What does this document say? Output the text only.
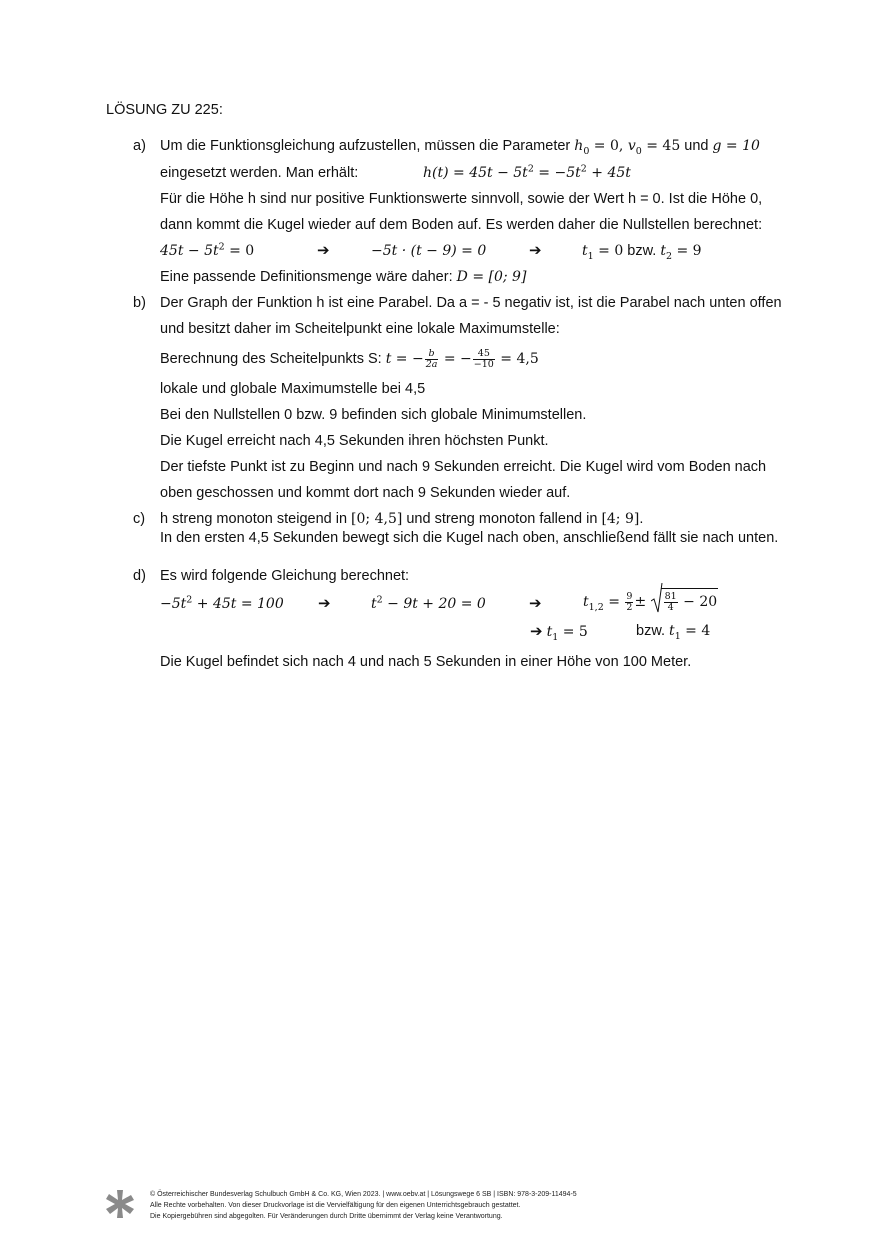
LÖSUNG ZU 225:
a) Um die Funktionsgleichung aufzustellen, müssen die Parameter $h_0 = 0$, $v_0 = 45$ und g = 10
eingesetzt werden. Man erhält:	$h(t) = 45t - 5t^2 = -5t^2 + 45t$
Für die Höhe h sind nur positive Funktionswerte sinnvoll, sowie der Wert h = 0. Ist die Höhe 0,
dann kommt die Kugel wieder auf dem Boden auf. Es werden daher die Nullstellen berechnet:
$45t - 5t^2 = 0$	➔	−5t · (t − 9) = 0	➔	$t_1 = 0$ bzw. $t_2 = 9$
Eine passende Definitionsmenge wäre daher: D = [0; 9]
b) Der Graph der Funktion h ist eine Parabel. Da a = - 5 negativ ist, ist die Parabel nach unten offen
und besitzt daher im Scheitelpunkt eine lokale Maximumstelle:
Berechnung des Scheitelpunkts S: t = − $\frac{b}{2a}$ = − $\frac{45}{-10} = 4,5$
lokale und globale Maximumstelle bei 4,5
Bei den Nullstellen 0 bzw. 9 befinden sich globale Minimumstellen.
Die Kugel erreicht nach 4,5 Sekunden ihren höchsten Punkt.
Der tiefste Punkt ist zu Beginn und nach 9 Sekunden erreicht. Die Kugel wird vom Boden nach
oben geschossen und kommt dort nach 9 Sekunden wieder auf.
c) h streng monoton steigend in [0; 4,5] und streng monoton fallend in [4; 9].
In den ersten 4,5 Sekunden bewegt sich die Kugel nach oben, anschließend fällt sie nach unten.
d) Es wird folgende Gleichung berechnet:
$-5t^2 + 45t = 100$ ➔	$t^2 - 9t + 20 = 0$	➔	$t_{1,2} = \frac{9}{2} \pm \frac{81}{4} - 20$
➔ $t_1 = 5$	bzw. $t_1 = 4$
Die Kugel befindet sich nach 4 und nach 5 Sekunden in einer Höhe von 100 Meter.
© Österreichischer Bundesverlag Schulbuch GmbH & Co. KG, Wien 2023. | www.oebv.at | Lösungswege 6 SB | ISBN: 978-3-209-11494-5
Alle Rechte vorbehalten. Von dieser Druckvorlage ist die Vervielfältigung für den eigenen Unterrichtsgebrauch gestattet.
Die Kopiergebühren sind abgegolten. Für Veränderungen durch Dritte übernimmt der Verlag keine Verantwortung.
